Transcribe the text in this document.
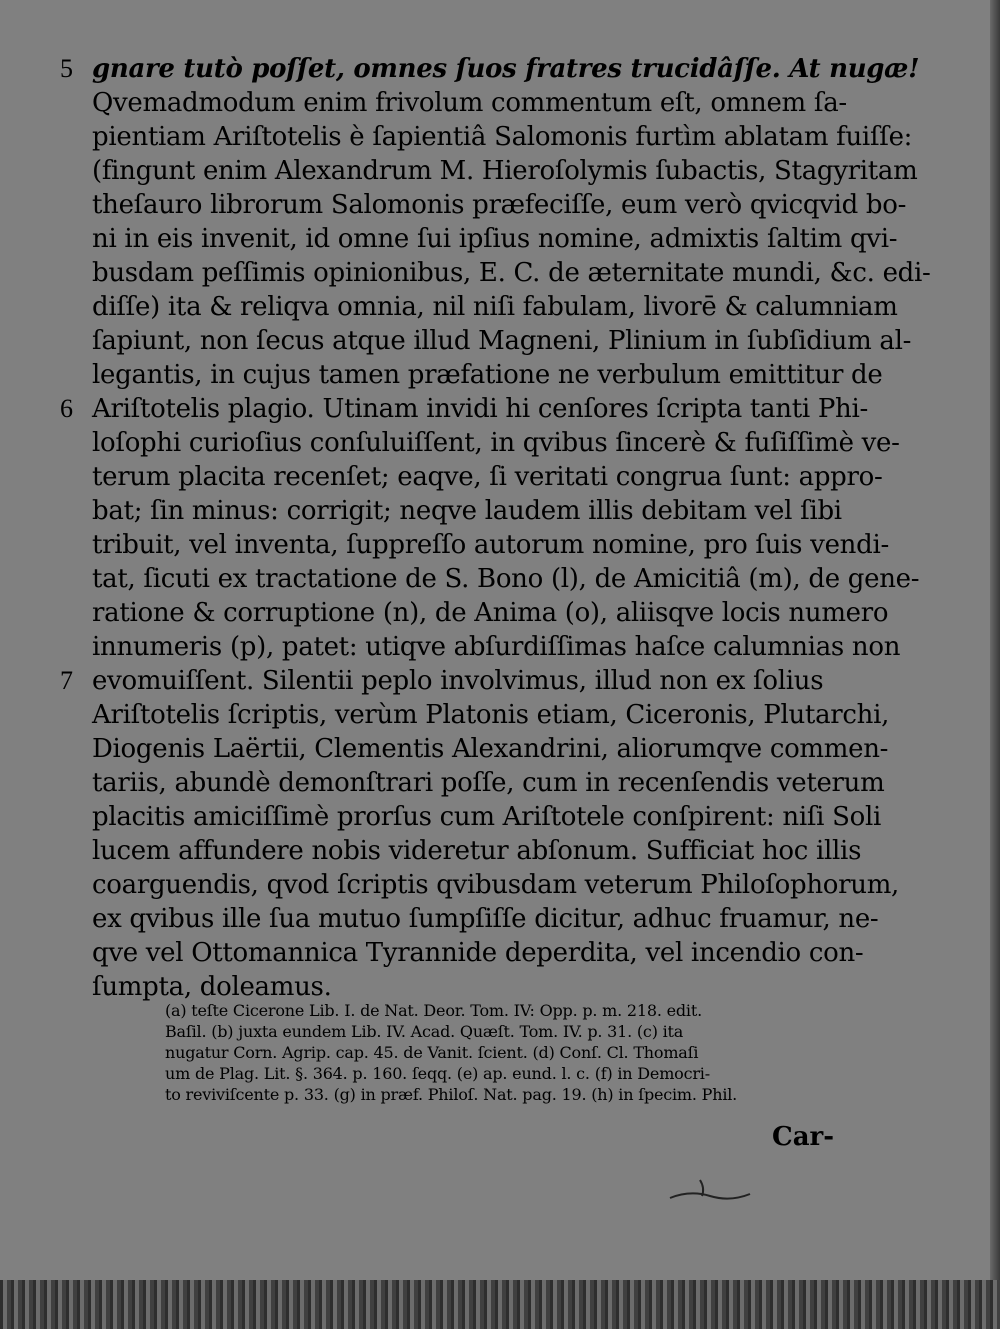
5
6
7
gnare tutò poſſet, omnes ſuos fratres trucidâſſe. At nugæ!
Qvemadmodum enim frivolum commentum eſt, omnem ſa-
pientiam Ariſtotelis è ſapientiâ Salomonis furtìm ablatam fuiſſe:
(fingunt enim Alexandrum M. Hieroſolymis ſubactis, Stagyritam
theſauro librorum Salomonis præfeciſſe, eum verò qvicqvid bo-
ni in eis invenit, id omne ſui ipſius nomine, admixtis ſaltim qvi-
busdam peſſimis opinionibus, E. C. de æternitate mundi, &c. edi-
diſſe) ita & reliqva omnia, nil niſi fabulam, livorē & calumniam
ſapiunt, non ſecus atque illud Magneni, Plinium in ſubſidium al-
legantis, in cujus tamen præfatione ne verbulum emittitur de
Ariſtotelis plagio. Utinam invidi hi cenſores ſcripta tanti Phi-
loſophi curioſius conſuluiſſent, in qvibus ſincerè & fuſiſſimè ve-
terum placita recenſet; eaqve, ſi veritati congrua ſunt: appro-
bat; ſin minus: corrigit; neqve laudem illis debitam vel ſibi
tribuit, vel inventa, ſuppreſſo autorum nomine, pro ſuis vendi-
tat, ſicuti ex tractatione de S. Bono (l), de Amicitiâ (m), de gene-
ratione & corruptione (n), de Anima (o), aliisqve locis numero
innumeris (p), patet: utiqve abſurdiſſimas haſce calumnias non
evomuiſſent. Silentii peplo involvimus, illud non ex ſolius
Ariſtotelis ſcriptis, verùm Platonis etiam, Ciceronis, Plutarchi,
Diogenis Laërtii, Clementis Alexandrini, aliorumqve commen-
tariis, abundè demonſtrari poſſe, cum in recenſendis veterum
placitis amiciſſimè prorſus cum Ariſtotele conſpirent: niſi Soli
lucem affundere nobis videretur abſonum. Sufficiat hoc illis
coarguendis, qvod ſcriptis qvibusdam veterum Philoſophorum,
ex qvibus ille ſua mutuo ſumpſiſſe dicitur, adhuc fruamur, ne-
qve vel Ottomannica Tyrannide deperdita, vel incendio con-
ſumpta, doleamus.
(a) teſte Cicerone Lib. I. de Nat. Deor. Tom. IV: Opp. p. m. 218. edit.
Baſil. (b) juxta eundem Lib. IV. Acad. Quæſt. Tom. IV. p. 31. (c) ita
nugatur Corn. Agrip. cap. 45. de Vanit. ſcient. (d) Conſ. Cl. Thomaſi
um de Plag. Lit. §. 364. p. 160. ſeqq. (e) ap. eund. l. c. (f) in Democri-
to reviviſcente p. 33. (g) in præf. Philoſ. Nat. pag. 19. (h) in ſpecim. Phil.
Car-
